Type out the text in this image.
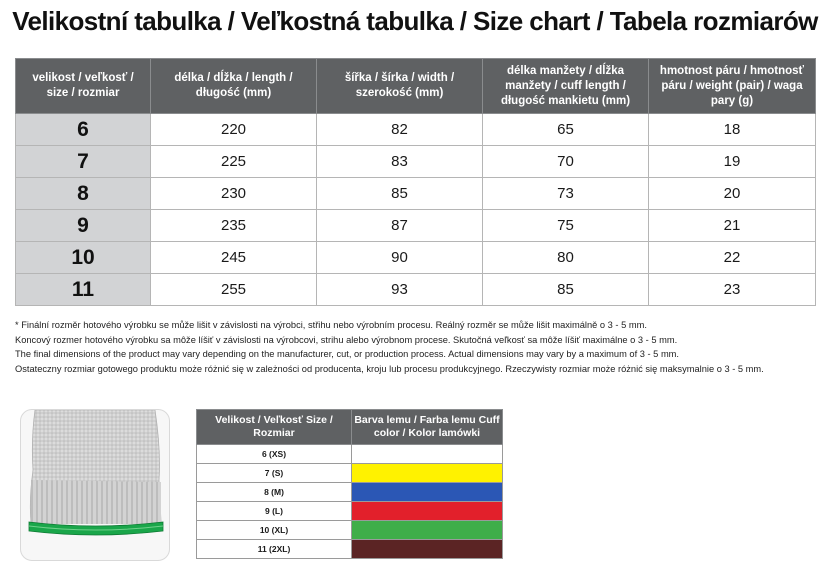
Velikostní tabulka / Veľkostná tabulka / Size chart / Tabela rozmiarów
velikost / veľkosť / size / rozmiar	délka / dĺžka / length / długość (mm)	šířka / šírka / width / szerokość (mm)	délka manžety / dĺžka manžety / cuff length / długość mankietu (mm)	hmotnost páru / hmotnosť páru / weight (pair) / waga pary (g)
6	220	82	65	18
7	225	83	70	19
8	230	85	73	20
9	235	87	75	21
10	245	90	80	22
11	255	93	85	23
* Finální rozměr hotového výrobku se může lišit v závislosti na výrobci, střihu nebo výrobním procesu. Reálný rozměr se může lišit maximálně o 3 - 5 mm.
Koncový rozmer hotového výrobku sa môže líšiť v závislosti na výrobcovi, strihu alebo výrobnom procese. Skutočná veľkosť sa môže líšiť maximálne o 3 - 5 mm.
The final dimensions of the product may vary depending on the manufacturer, cut, or production process. Actual dimensions may vary by a maximum of 3 - 5 mm.
Ostateczny rozmiar gotowego produktu może różnić się w zależności od producenta, kroju lub procesu produkcyjnego. Rzeczywisty rozmiar może różnić się maksymalnie o 3 - 5 mm.
Velikost / Veľkosť Size / Rozmiar	Barva lemu / Farba lemu Cuff color / Kolor lamówki
6 (XS)	
7 (S)	
8 (M)	
9 (L)	
10 (XL)	
11 (2XL)	
